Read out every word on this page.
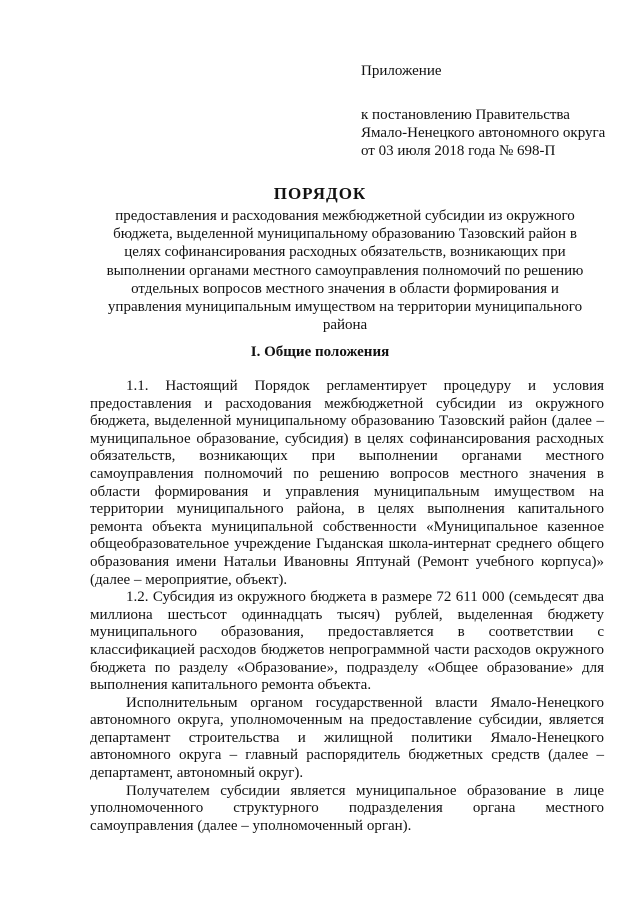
Приложение
к постановлению Правительства
Ямало-Ненецкого автономного округа
от 03 июля 2018 года № 698-П
ПОРЯДОК
предоставления и расходования межбюджетной субсидии из окружного бюджета, выделенной муниципальному образованию Тазовский район в целях софинансирования расходных обязательств, возникающих при выполнении органами местного самоуправления полномочий по решению отдельных вопросов местного значения в области формирования и управления муниципальным имуществом на территории муниципального района
I. Общие положения

1.1. Настоящий Порядок регламентирует процедуру и условия предоставления и расходования межбюджетной субсидии из окружного бюджета, выделенной муниципальному образованию Тазовский район (далее – муниципальное образование, субсидия) в целях софинансирования расходных обязательств, возникающих при выполнении органами местного самоуправления полномочий по решению вопросов местного значения в области формирования и управления муниципальным имуществом на территории муниципального района, в целях выполнения капитального ремонта объекта муниципальной собственности «Муниципальное казенное общеобразовательное учреждение Гыданская школа-интернат среднего общего образования имени Натальи Ивановны Яптунай (Ремонт учебного корпуса)» (далее – мероприятие, объект).

1.2. Субсидия из окружного бюджета в размере 72 611 000 (семьдесят два миллиона шестьсот одиннадцать тысяч) рублей, выделенная бюджету муниципального образования, предоставляется в соответствии с классификацией расходов бюджетов непрограммной части расходов окружного бюджета по разделу «Образование», подразделу «Общее образование» для выполнения капитального ремонта объекта.

Исполнительным органом государственной власти Ямало-Ненецкого автономного округа, уполномоченным на предоставление субсидии, является департамент строительства и жилищной политики Ямало-Ненецкого автономного округа – главный распорядитель бюджетных средств (далее – департамент, автономный округ).

Получателем субсидии является муниципальное образование в лице уполномоченного структурного подразделения органа местного самоуправления (далее – уполномоченный орган).
